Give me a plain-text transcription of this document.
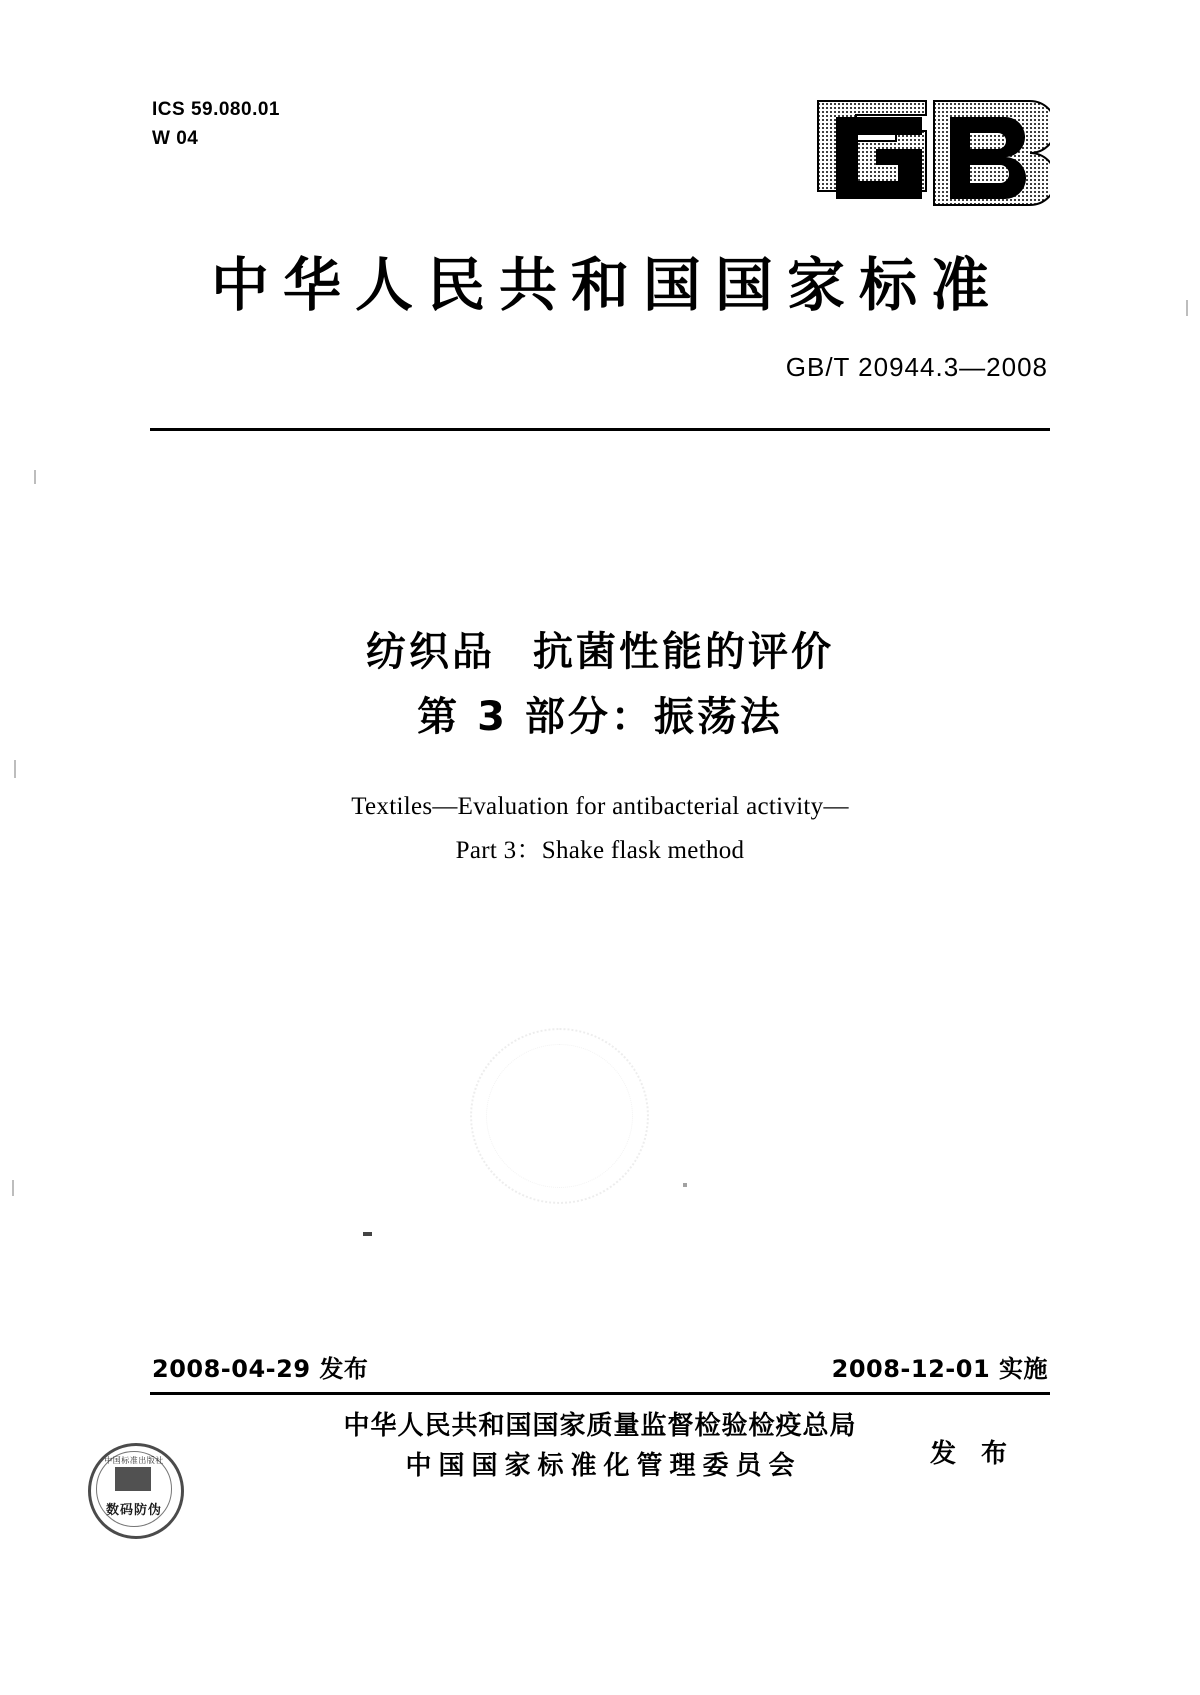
ICS 59.080.01
W 04
中华人民共和国国家标准
GB/T 20944.3—2008
纺织品 抗菌性能的评价
第 3 部分：振荡法
Textiles—Evaluation for antibacterial activity—
Part 3：Shake flask method
2008-04-29 发布	2008-12-01 实施
中华人民共和国国家质量监督检验检疫总局
中国国家标准化管理委员会	发 布
中国标准出版社
数码防伪
